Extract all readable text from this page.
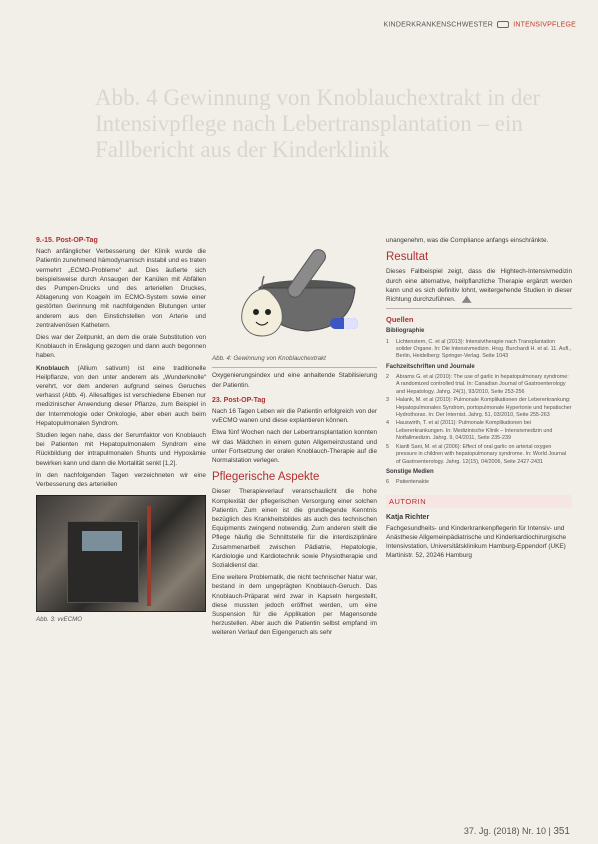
KINDERKRANKENSCHWESTER	INTENSIVPFLEGE
Abb. 4 Gewinnung von Knoblauchextrakt in der Intensivpflege nach Lebertransplantation – ein Fallbericht aus der Kinderklinik
9.-15. Post-OP-Tag

Nach anfänglicher Verbesserung der Klinik wurde die Patientin zunehmend hämodynamisch instabil und es traten vermehrt „ECMO-Probleme“ auf. Dies äußerte sich beispielsweise durch Ansaugen der Kanülen mit Abfällen des Pumpen-Drucks und des arteriellen Druckes, Ablagerung von Koageln im ECMO-System sowie einer gestörten Gerinnung mit nachfolgenden Blutungen unter anderem aus den Einstichstellen von Arterie und zentralvenösen Kathetern.

Dies war der Zeitpunkt, an dem die orale Substitution von Knoblauch in Erwägung gezogen und dann auch begonnen haben.

Knoblauch (Allium sativum) ist eine traditionelle Heilpflanze, von den unter anderem als „Wunderknolle“ verehrt, vor dem anderen aufgrund seines Geruches verhasst (Abb. 4). Allesaftiges ist verschiedene Ebenen nur medizinischer Anwendung dieser Pflanze, zum Beispiel in der Internmologie oder Onkologie, aber eben auch beim Hepatopulmonalen Syndrom.

Studien legen nahe, dass der Serumfaktor von Knoblauch bei Patienten mit Hepatopulmonalem Syndrom eine Rückbildung der intrapulmonalen Shunts und Hypoxämie bewirken kann und dann die Mortalität senkt [1,2].

In den nachfolgenden Tagen verzeichneten wir eine Verbesserung des arteriellen

Abb. 3: vvECMO
Abb. 4: Gewinnung von Knoblauchextrakt

Oxygenierungsindex und eine anhaltende Stabilisierung der Patientin.

23. Post-OP-Tag

Nach 16 Tagen Leben wir die Patientin erfolgreich von der vvECMO wanen und diese explantieren können.

Etwa fünf Wochen nach der Lebertransplantation konnten wir das Mädchen in einem guten Allgemeinzustand und unter Fortsetzung der oralen Knoblauch-Therapie auf die Normalstation verlegen.

Pflegerische Aspekte

Dieser Therapieverlauf veranschaulicht die hohe Komplexität der pflegerischen Versorgung einer solchen Patientin. Zum einen ist die grundlegende Kenntnis bezüglich des Krankheitsbildes als auch des technischen Equipments zwingend notwendig. Zum anderen stellt die Pflege häufig die Schnittstelle für die interdisziplinäre Zusammenarbeit zwischen Pädiatrie, Hepatologie, Kardiologie und Kardiotechnik sowie Physiotherapie und Sozialdienst dar.

Eine weitere Problematik, die nicht technischer Natur war, bestand in dem ungeprägten Knoblauch-Geruch. Das Knoblauch-Präparat wird zwar in Kapseln hergestellt, diese mussten jedoch eröffnet werden, um eine Suspension für die Applikation per Magensonde herzustellen. Aber auch die Patientin selbst empfand im weiteren Verlauf den Eigengeruch als sehr

unangenehm, was die Compliance anfangs einschränkte.

Resultat

Dieses Fallbeispiel zeigt, dass die Hightech-Intensivmedizin durch eine alternative, heilpflanzliche Therapie ergänzt werden kann und es sich definitiv lohnt, weitergehende Studien in dieser Richtung durchzuführen.

Quellen
Bibliographie
1	Lichtenstern, C. et al (2013): Intensivtherapie nach Transplantation solider Organe. In: Die Intensivmedizin. Hrsg. Burchardi H. et al. 11. Aufl., Berlin, Heidelberg: Springer-Verlag. Seite 1043
Fachzeitschriften und Journale
2	Abrams G. et al (2010): The use of garlic in hepatopulmonary syndrome: A randomized controlled trial. In: Canadian Journal of Gastroenterology and Hepatology. Jahrg. 24(1), 93/2010, Seite 253-256
3	Halank, M. et al (2010): Pulmonale Komplikationen der Lebererkrankung: Hepatopulmonales Syndrom, portopulmonale Hypertonie und hepatischer Hydrothorax. In: Der Internist. Jahrg. 51, 03/2010, Seite 255-263
4	Hauswirth, T. et al (2011): Pulmonale Komplikationen bei Lebererkrankungen. In: Medizinische Klinik – Intensivmedizin und Notfallmedizin. Jahrg. 9, 04/2011, Seite 235-239
5	Kianfi Sani, M. et al (2006): Effect of oral garlic on arterial oxygen pressure in children with hepatopulmonary syndrome. In: World Journal of Gastroenterology. Jahrg. 12(15), 04/2006, Seite 2427-2431
Sonstige Medien
6	Patientenakte
AUTORIN
Katja Richter
Fachgesundheits- und Kinderkrankenpflegerin für Intensiv- und Anästhesie Allgemeinpädiatrische und Kinderkardiochirurgische Intensivstation, Universitätsklinikum Hamburg-Eppendorf (UKE) Martinistr. 52, 20246 Hamburg
37. Jg. (2018) Nr. 10 | 351
